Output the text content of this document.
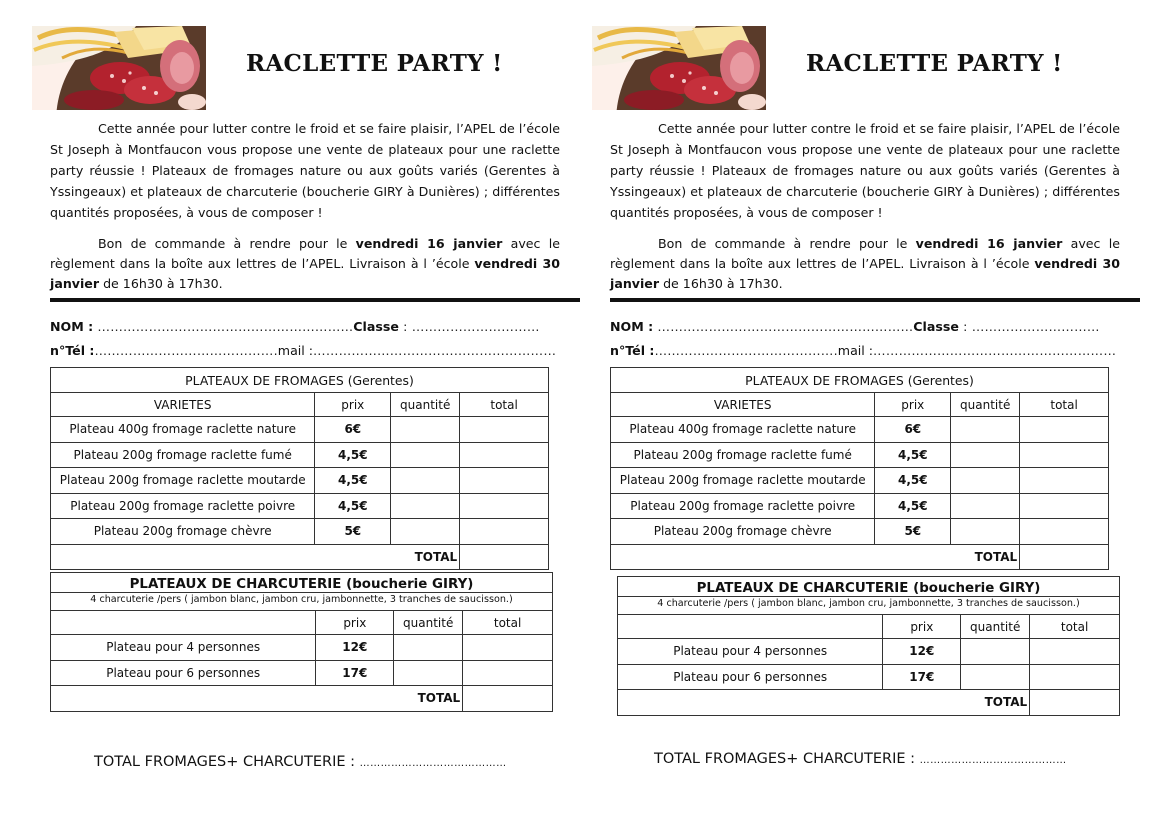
RACLETTE PARTY !

Cette année pour lutter contre le froid et se faire plaisir, l’APEL de l’école St Joseph à Montfaucon vous propose une vente de plateaux pour une raclette party réussie ! Plateaux de fromages nature ou aux goûts variés (Gerentes à Yssingeaux) et plateaux de charcuterie (boucherie GIRY à Dunières) ; différentes quantités proposées, à vous de composer !

Bon de commande à rendre pour le vendredi 16 janvier avec le règlement dans la boîte aux lettres de l’APEL. Livraison à l ’école vendredi 30 janvier de 16h30 à 17h30.

NOM : ……………………………………………………Classe : …………………………
n°Tél :…………………………………….mail :…………………………………………………
PLATEAUX DE FROMAGES (Gerentes)			
VARIETES	prix	quantité	total
Plateau 400g fromage raclette nature	6€		
Plateau 200g fromage raclette fumé	4,5€		
Plateau 200g fromage raclette moutarde	4,5€		
Plateau 200g fromage raclette poivre	4,5€		
Plateau 200g fromage chèvre	5€		
TOTAL			
PLATEAUX DE CHARCUTERIE (boucherie GIRY)			
4 charcuterie /pers ( jambon blanc, jambon cru, jambonnette, 3 tranches de saucisson.)			
	prix	quantité	total
Plateau pour 4 personnes	12€		
Plateau pour 6 personnes	17€		
TOTAL			
TOTAL FROMAGES+ CHARCUTERIE : ……………………………………
RACLETTE PARTY !

Cette année pour lutter contre le froid et se faire plaisir, l’APEL de l’école St Joseph à Montfaucon vous propose une vente de plateaux pour une raclette party réussie ! Plateaux de fromages nature ou aux goûts variés (Gerentes à Yssingeaux) et plateaux de charcuterie (boucherie GIRY à Dunières) ; différentes quantités proposées, à vous de composer !

Bon de commande à rendre pour le vendredi 16 janvier avec le règlement dans la boîte aux lettres de l’APEL. Livraison à l ’école vendredi 30 janvier de 16h30 à 17h30.

NOM : ……………………………………………………Classe : …………………………
n°Tél :…………………………………….mail :…………………………………………………
PLATEAUX DE FROMAGES (Gerentes)			
VARIETES	prix	quantité	total
Plateau 400g fromage raclette nature	6€		
Plateau 200g fromage raclette fumé	4,5€		
Plateau 200g fromage raclette moutarde	4,5€		
Plateau 200g fromage raclette poivre	4,5€		
Plateau 200g fromage chèvre	5€		
TOTAL			
PLATEAUX DE CHARCUTERIE (boucherie GIRY)			
4 charcuterie /pers ( jambon blanc, jambon cru, jambonnette, 3 tranches de saucisson.)			
	prix	quantité	total
Plateau pour 4 personnes	12€		
Plateau pour 6 personnes	17€		
TOTAL			
TOTAL FROMAGES+ CHARCUTERIE : ……………………………………
